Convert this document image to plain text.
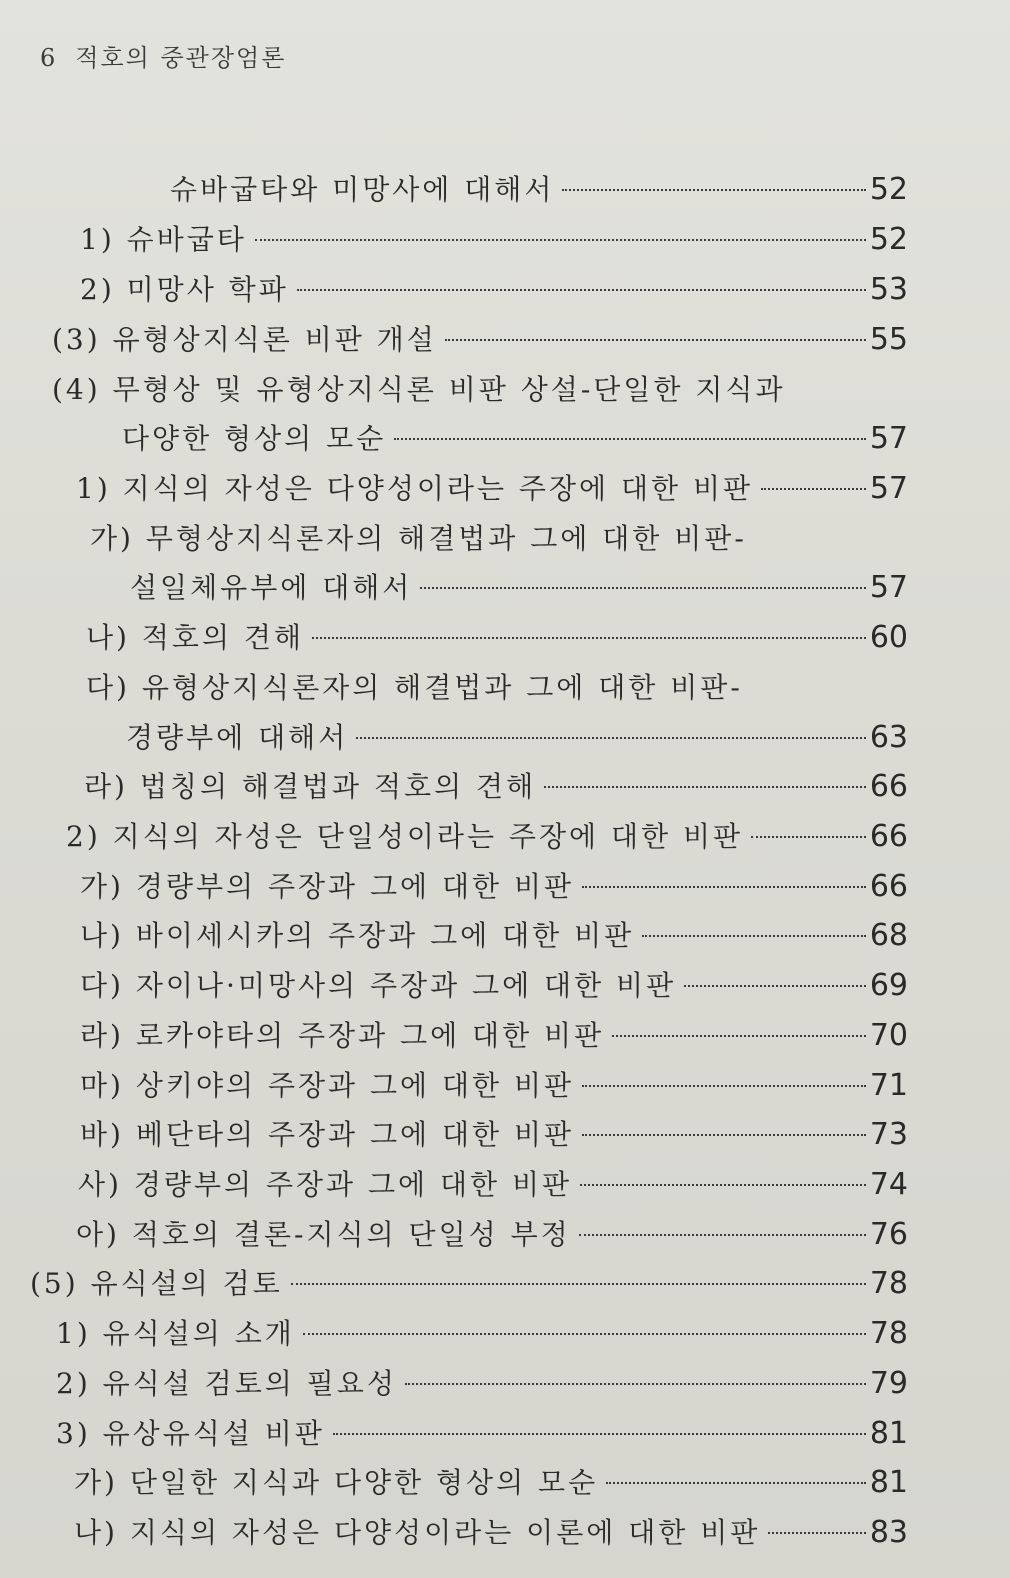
6 적호의 중관장엄론
슈바굽타와 미망사에 대해서	52
1) 슈바굽타	52
2) 미망사 학파	53
(3) 유형상지식론 비판 개설	55
(4) 무형상 및 유형상지식론 비판 상설-단일한 지식과
다양한 형상의 모순	57
1) 지식의 자성은 다양성이라는 주장에 대한 비판	57
가) 무형상지식론자의 해결법과 그에 대한 비판-
설일체유부에 대해서	57
나) 적호의 견해	60
다) 유형상지식론자의 해결법과 그에 대한 비판-
경량부에 대해서	63
라) 법칭의 해결법과 적호의 견해	66
2) 지식의 자성은 단일성이라는 주장에 대한 비판	66
가) 경량부의 주장과 그에 대한 비판	66
나) 바이세시카의 주장과 그에 대한 비판	68
다) 자이나·미망사의 주장과 그에 대한 비판	69
라) 로카야타의 주장과 그에 대한 비판	70
마) 상키야의 주장과 그에 대한 비판	71
바) 베단타의 주장과 그에 대한 비판	73
사) 경량부의 주장과 그에 대한 비판	74
아) 적호의 결론-지식의 단일성 부정	76
(5) 유식설의 검토	78
1) 유식설의 소개	78
2) 유식설 검토의 필요성	79
3) 유상유식설 비판	81
가) 단일한 지식과 다양한 형상의 모순	81
나) 지식의 자성은 다양성이라는 이론에 대한 비판	83
